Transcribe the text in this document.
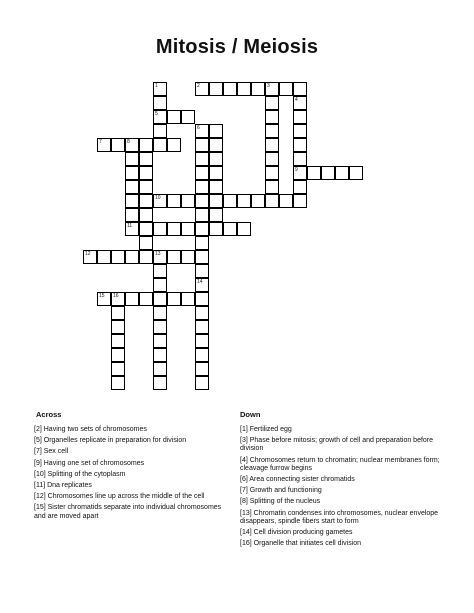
Mitosis / Meiosis
2	3
5
7	8
9
10
11
12	13
15 16
1
4
6
14
Across	Down
[2] Having two sets of chromosomes
[5] Organelles replicate in preparation for division
[7] Sex cell
[9] Having one set of chromosomes
[10] Splitting of the cytoplasm
[11] Dna replicates
[12] Chromosomes line up across the middle of the cell
[15] Sister chromatids separate into individual chromosomes and are moved apart
[1] Fertilized egg
[3] Phase before mitosis; growth of cell and preparation before division
[4] Chromosomes return to chromatin; nuclear membranes form; cleavage furrow begins
[6] Area connecting sister chromatids
[7] Growth and functioning
[8] Splitting of the nucleus
[13] Chromatin condenses into chromosomes, nuclear envelope disappears, spindle fibers start to form
[14] Cell division producing gametes
[16] Organelle that initiates cell division
